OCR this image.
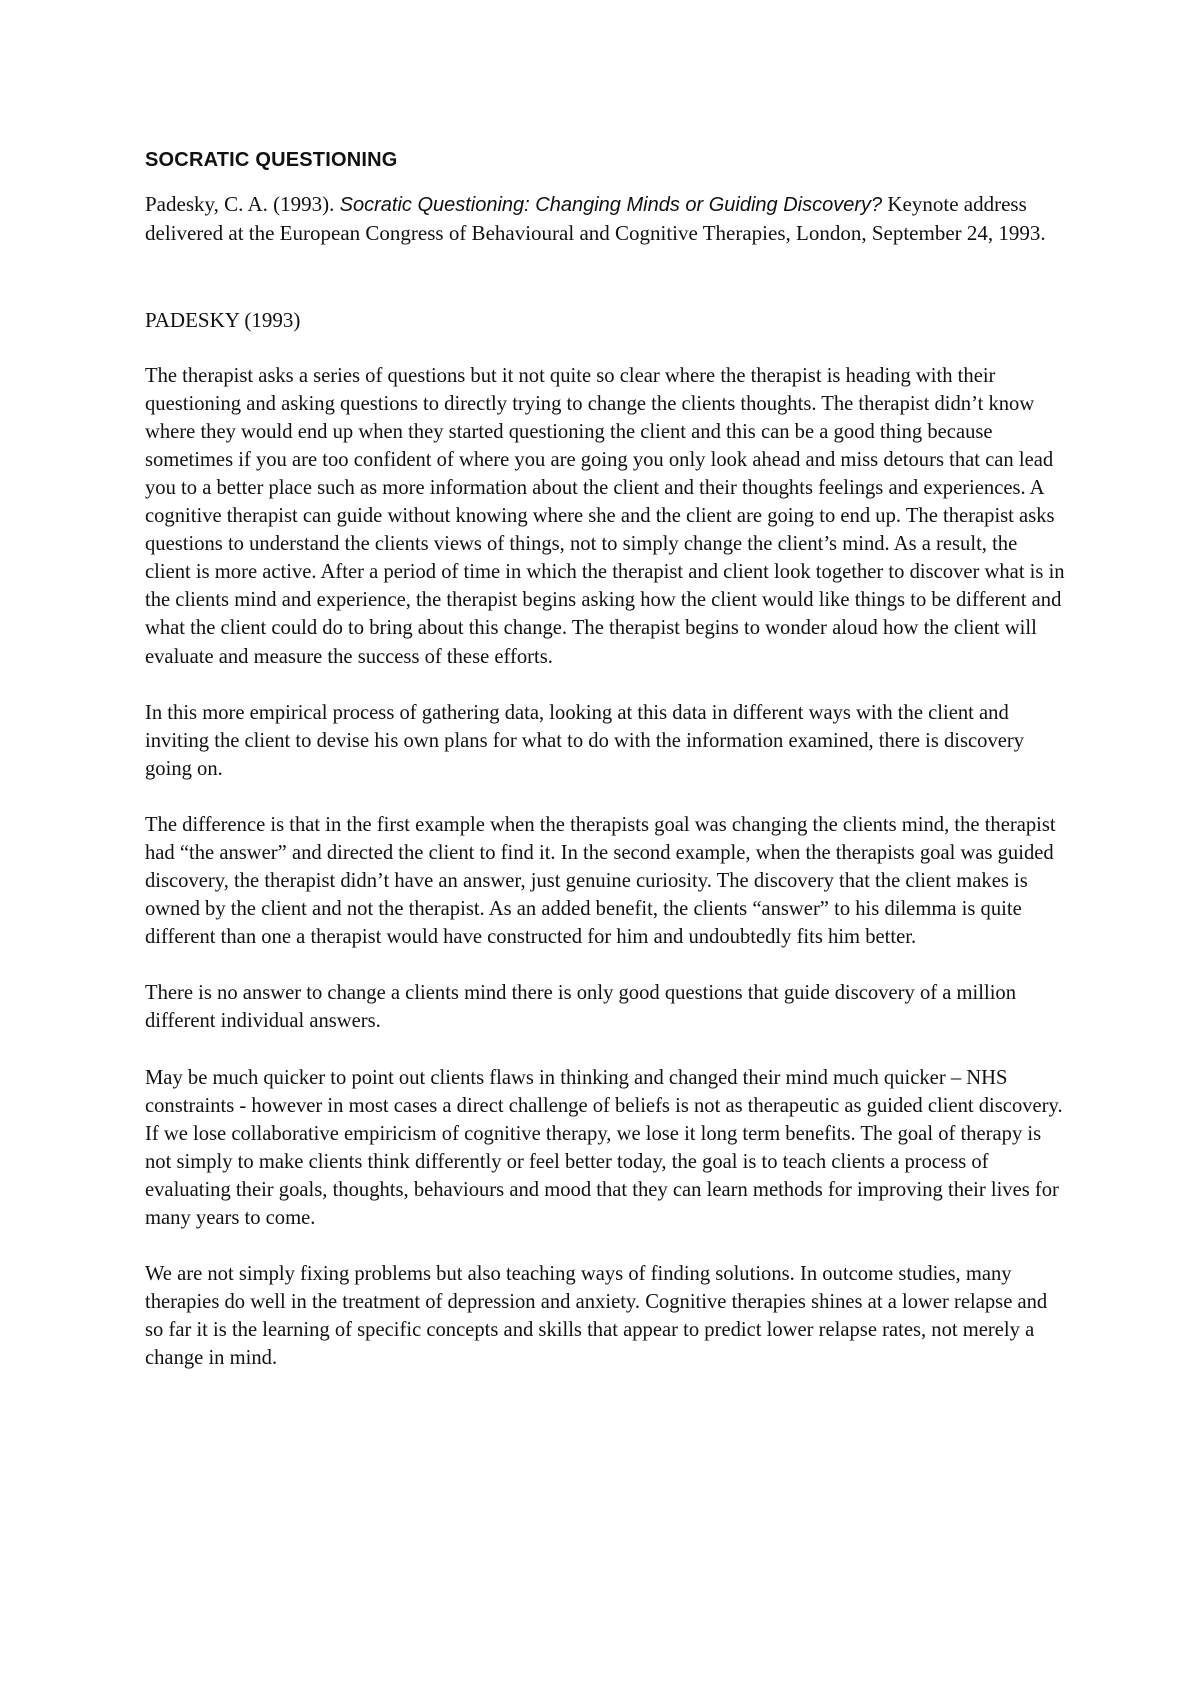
SOCRATIC QUESTIONING
Padesky, C. A. (1993). Socratic Questioning: Changing Minds or Guiding Discovery? Keynote address delivered at the European Congress of Behavioural and Cognitive Therapies, London, September 24, 1993.
PADESKY (1993)

The therapist asks a series of questions but it not quite so clear where the therapist is heading with their questioning and asking questions to directly trying to change the clients thoughts. The therapist didn’t know where they would end up when they started questioning the client and this can be a good thing because sometimes if you are too confident of where you are going you only look ahead and miss detours that can lead you to a better place such as more information about the client and their thoughts feelings and experiences. A cognitive therapist can guide without knowing where she and the client are going to end up. The therapist asks questions to understand the clients views of things, not to simply change the client’s mind. As a result, the client is more active. After a period of time in which the therapist and client look together to discover what is in the clients mind and experience, the therapist begins asking how the client would like things to be different and what the client could do to bring about this change. The therapist begins to wonder aloud how the client will evaluate and measure the success of these efforts.

In this more empirical process of gathering data, looking at this data in different ways with the client and inviting the client to devise his own plans for what to do with the information examined, there is discovery going on.

The difference is that in the first example when the therapists goal was changing the clients mind, the therapist had “the answer” and directed the client to find it. In the second example, when the therapists goal was guided discovery, the therapist didn’t have an answer, just genuine curiosity. The discovery that the client makes is owned by the client and not the therapist. As an added benefit, the clients “answer” to his dilemma is quite different than one a therapist would have constructed for him and undoubtedly fits him better.

There is no answer to change a clients mind there is only good questions that guide discovery of a million different individual answers.

May be much quicker to point out clients flaws in thinking and changed their mind much quicker – NHS constraints - however in most cases a direct challenge of beliefs is not as therapeutic as guided client discovery. If we lose collaborative empiricism of cognitive therapy, we lose it long term benefits. The goal of therapy is not simply to make clients think differently or feel better today, the goal is to teach clients a process of evaluating their goals, thoughts, behaviours and mood that they can learn methods for improving their lives for many years to come.

We are not simply fixing problems but also teaching ways of finding solutions. In outcome studies, many therapies do well in the treatment of depression and anxiety. Cognitive therapies shines at a lower relapse and so far it is the learning of specific concepts and skills that appear to predict lower relapse rates, not merely a change in mind.
